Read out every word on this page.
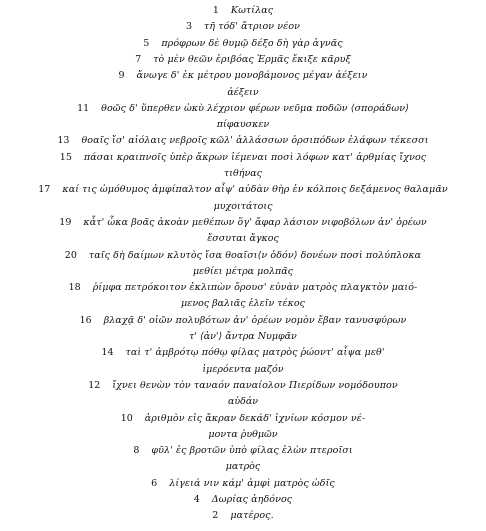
1 Κωτίλας
3 τῆ τόδ' ἄτριον νέον
5 πρόφρων δὲ θυμῷ δέξο δὴ γὰρ ἁγνᾶς
7 τὸ μὲν θεῶν ἐριβόας Ἑρμᾶς ἔκιξε κᾶρυξ
9 ἄνωγε δ' ἐκ μέτρου μονοβάμονος μέγαν ἀέξειν
ἀέξειν
11 θοῶς δ' ὕπερθεν ὠκὺ λέχριον φέρων νεῦμα ποδῶν ⟨σποράδων⟩
πίφαυσκεν
13 θοαῖς ἴσ' αἰόλαις νεβροῖς κῶλ' ἀλλάσσων ὀρσιπόδων ἐλάφων τέκεσσι
15 πάσαι κραιπνοῖς ὑπὲρ ἄκρων ἱέμεναι ποσὶ λόφων κατ' ἀρθμίας ἴχνος
τιθήνας
17 καί τις ὠμόθυμος ἀμφίπαλτον αἶψ' αὐδὰν θὴρ ἐν κόλποις δεξάμενος θαλαμᾶν
μυχοιτάτοις
19 κἆτ' ὦκα βοᾶς ἀκοὰν μεθέπων ὅγ' ἄφαρ λάσιον νιφοβόλων ἀν' ὀρέων
ἔσσυται ἄγκος
20 ταῖς δὴ δαίμων κλυτὸς ἴσα θοαῖσι⟨ν ὁδόν⟩ δονέων ποσὶ πολύπλοκα
μεθίει μέτρα μολπᾶς
18 ῥίμφα πετρόκοιτον ἐκλιπὼν ὄρουσ' εὐνὰν ματρὸς πλαγκτὸν μαιό-
μενος βαλιᾶς ἑλεῖν τέκος
16 βλαχᾷ δ' οἰῶν πολυβότων ἀν' ὀρέων νομὸν ἔβαν τανυσφύρων
τ' ⟨ἀν'⟩ ἄντρα Νυμφᾶν
14 ταὶ τ' ἀμβρότῳ πόθῳ φίλας ματρὸς ῥώοντ' αἶψα μεθ'
ἱμερόεντα μαζόν
12 ἴχνει θενὼν τὸν ταναόν παναίολον Πιερίδων νομόδουπον
αὐδάν
10 ἀριθμὸν εἰς ἄκραν δεκάδ' ἰχνίων κόσμον νέ-
μοντα ῥυθμῶν
8 φῦλ' ἐς βροτῶν ὑπὸ φίλας ἑλὼν πτεροῖσι
ματρὸς
6 λίγειά νιν κάμ' ἀμφὶ ματρὸς ὠδῖς
4 Δωρίας ἀηδόνος
2 ματέρος.
